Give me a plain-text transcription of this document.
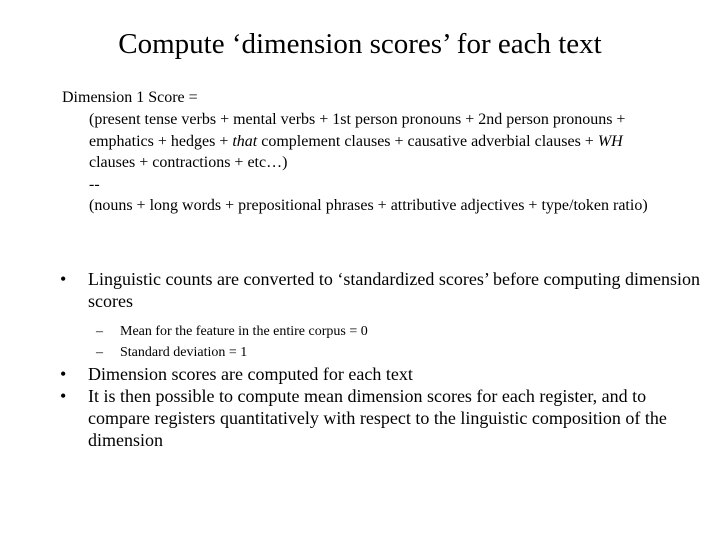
Compute ‘dimension scores’ for each text
Dimension 1 Score =

(present tense verbs + mental verbs + 1st person pronouns + 2nd person pronouns + emphatics + hedges + that complement clauses + causative adverbial clauses + WH clauses + contractions + etc…)

--

(nouns + long words + prepositional phrases + attributive adjectives + type/token ratio)

• Linguistic counts are converted to ‘standardized scores’ before computing dimension scores

– Mean for the feature in the entire corpus = 0

– Standard deviation = 1

• Dimension scores are computed for each text

• It is then possible to compute mean dimension scores for each register, and to compare registers quantitatively with respect to the linguistic composition of the dimension
